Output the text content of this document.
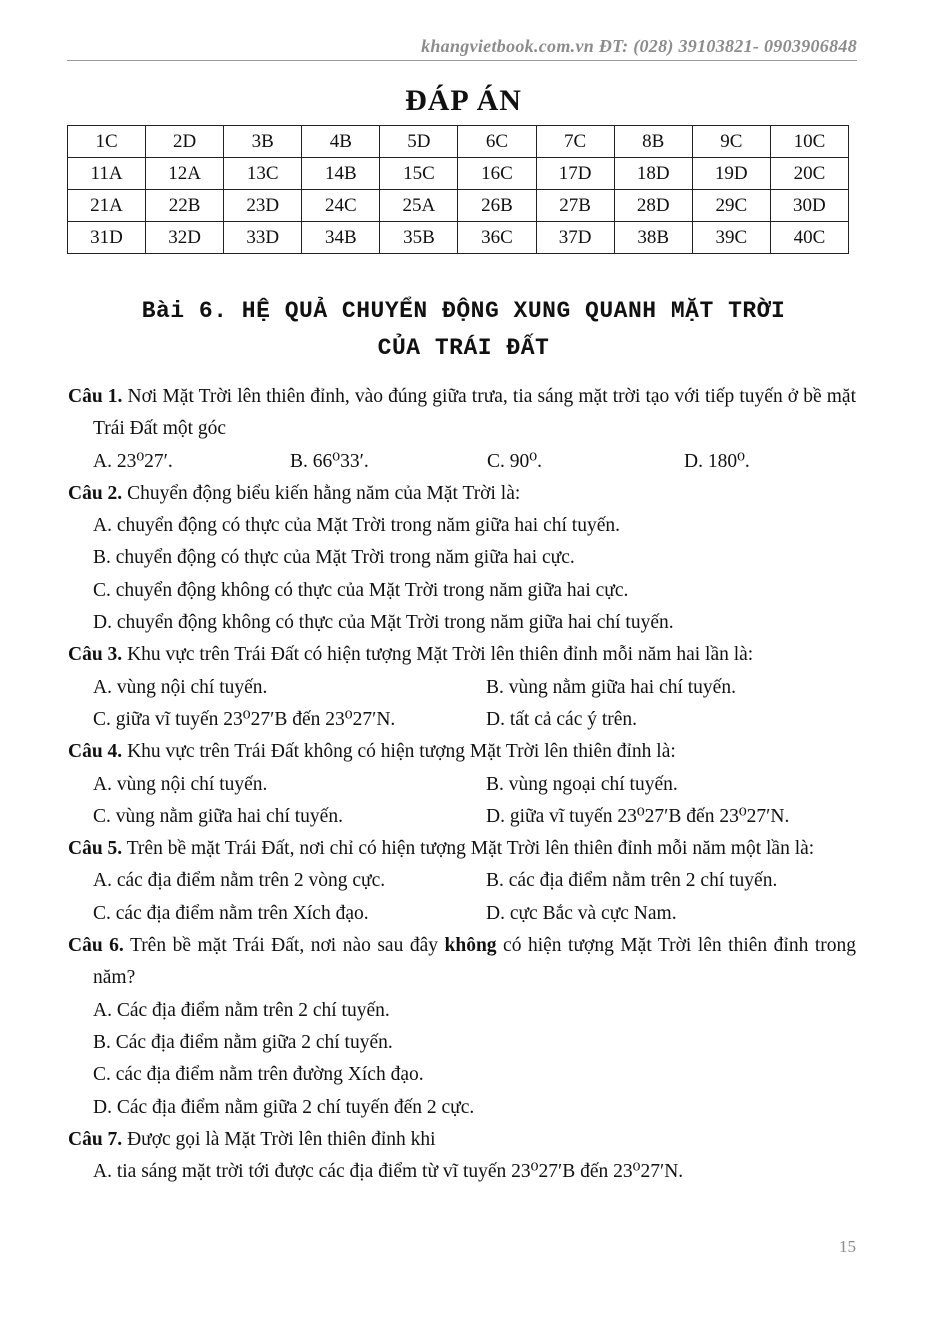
khangvietbook.com.vn ĐT: (028) 39103821- 0903906848
ĐÁP ÁN
1C	2D	3B	4B	5D	6C	7C	8B	9C	10C
11A	12A	13C	14B	15C	16C	17D	18D	19D	20C
21A	22B	23D	24C	25A	26B	27B	28D	29C	30D
31D	32D	33D	34B	35B	36C	37D	38B	39C	40C
Bài 6. HỆ QUẢ CHUYỂN ĐỘNG XUNG QUANH MẶT TRỜI
CỦA TRÁI ĐẤT
Câu 1. Nơi Mặt Trời lên thiên đỉnh, vào đúng giữa trưa, tia sáng mặt trời tạo với tiếp tuyến ở bề mặt Trái Đất một góc
A. 23⁰27′.	B. 66⁰33′.	C. 90⁰.	D. 180⁰.
Câu 2. Chuyển động biểu kiến hằng năm của Mặt Trời là:
A. chuyển động có thực của Mặt Trời trong năm giữa hai chí tuyến.
B. chuyển động có thực của Mặt Trời trong năm giữa hai cực.
C. chuyển động không có thực của Mặt Trời trong năm giữa hai cực.
D. chuyển động không có thực của Mặt Trời trong năm giữa hai chí tuyến.
Câu 3. Khu vực trên Trái Đất có hiện tượng Mặt Trời lên thiên đỉnh mỗi năm hai lần là:
A. vùng nội chí tuyến.	B. vùng nằm giữa hai chí tuyến.
C. giữa vĩ tuyến 23⁰27′B đến 23⁰27′N.	D. tất cả các ý trên.
Câu 4. Khu vực trên Trái Đất không có hiện tượng Mặt Trời lên thiên đỉnh là:
A. vùng nội chí tuyến.	B. vùng ngoại chí tuyến.
C. vùng nằm giữa hai chí tuyến.	D. giữa vĩ tuyến 23⁰27′B đến 23⁰27′N.
Câu 5. Trên bề mặt Trái Đất, nơi chỉ có hiện tượng Mặt Trời lên thiên đỉnh mỗi năm một lần là:
A. các địa điểm nằm trên 2 vòng cực.	B. các địa điểm nằm trên 2 chí tuyến.
C. các địa điểm nằm trên Xích đạo.	D. cực Bắc và cực Nam.
Câu 6. Trên bề mặt Trái Đất, nơi nào sau đây không có hiện tượng Mặt Trời lên thiên đỉnh trong năm?
A. Các địa điểm nằm trên 2 chí tuyến.
B. Các địa điểm nằm giữa 2 chí tuyến.
C. các địa điểm nằm trên đường Xích đạo.
D. Các địa điểm nằm giữa 2 chí tuyến đến 2 cực.
Câu 7. Được gọi là Mặt Trời lên thiên đỉnh khi
A. tia sáng mặt trời tới được các địa điểm từ vĩ tuyến 23⁰27′B đến 23⁰27′N.
15
